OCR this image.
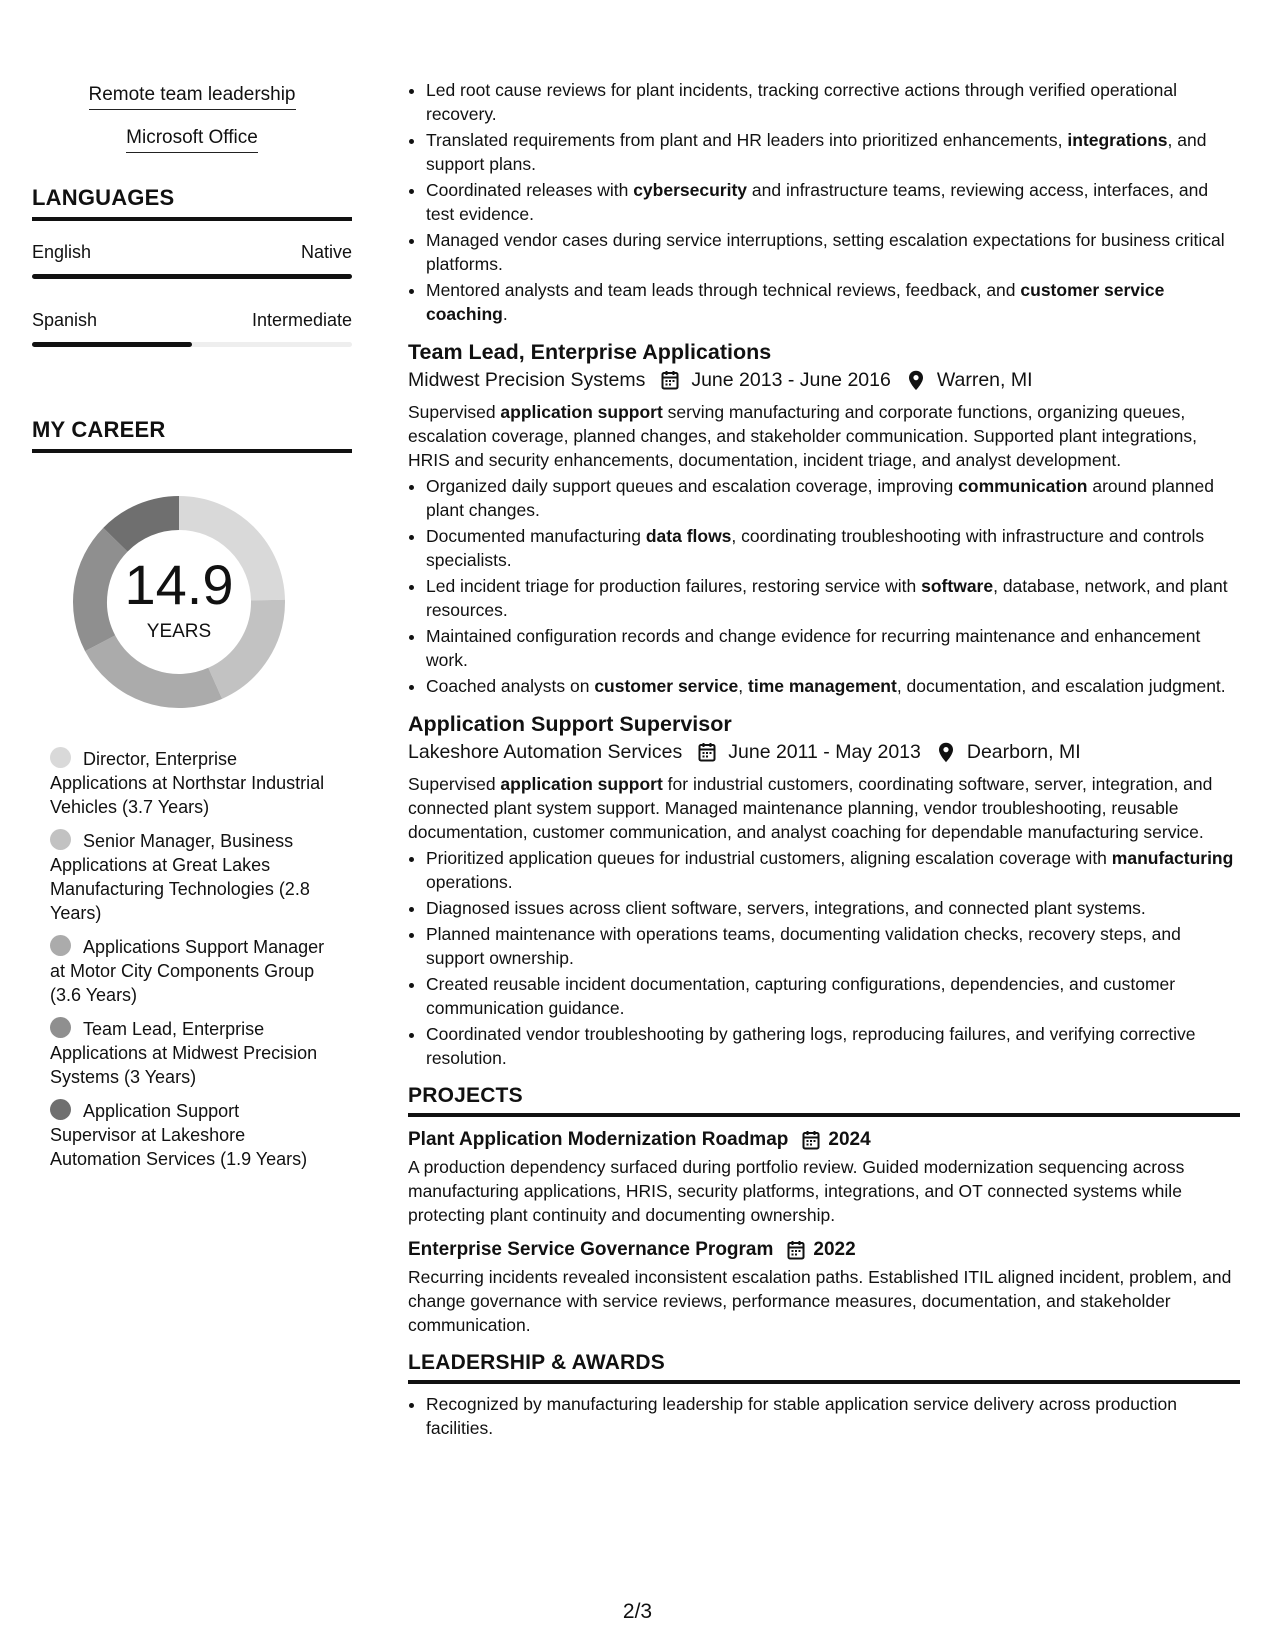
Remote team leadership
Microsoft Office
LANGUAGES
English	Native
Spanish	Intermediate
MY CAREER
14.9
YEARS
Director, Enterprise Applications at Northstar Industrial Vehicles (3.7 Years)
Senior Manager, Business Applications at Great Lakes Manufacturing Technologies (2.8 Years)
Applications Support Manager at Motor City Components Group (3.6 Years)
Team Lead, Enterprise Applications at Midwest Precision Systems (3 Years)
Application Support Supervisor at Lakeshore Automation Services (1.9 Years)
• Led root cause reviews for plant incidents, tracking corrective actions through verified operational recovery.
• Translated requirements from plant and HR leaders into prioritized enhancements, integrations, and support plans.
• Coordinated releases with cybersecurity and infrastructure teams, reviewing access, interfaces, and test evidence.
• Managed vendor cases during service interruptions, setting escalation expectations for business critical platforms.
• Mentored analysts and team leads through technical reviews, feedback, and customer service coaching.
Team Lead, Enterprise Applications
Midwest Precision Systems June 2013 - June 2016 Warren, MI

Supervised application support serving manufacturing and corporate functions, organizing queues, escalation coverage, planned changes, and stakeholder communication. Supported plant integrations, HRIS and security enhancements, documentation, incident triage, and analyst development.

• Organized daily support queues and escalation coverage, improving communication around planned plant changes.
• Documented manufacturing data flows, coordinating troubleshooting with infrastructure and controls specialists.
• Led incident triage for production failures, restoring service with software, database, network, and plant resources.
• Maintained configuration records and change evidence for recurring maintenance and enhancement work.
• Coached analysts on customer service, time management, documentation, and escalation judgment.
Application Support Supervisor
Lakeshore Automation Services June 2011 - May 2013 Dearborn, MI

Supervised application support for industrial customers, coordinating software, server, integration, and connected plant system support. Managed maintenance planning, vendor troubleshooting, reusable documentation, customer communication, and analyst coaching for dependable manufacturing service.

• Prioritized application queues for industrial customers, aligning escalation coverage with manufacturing operations.
• Diagnosed issues across client software, servers, integrations, and connected plant systems.
• Planned maintenance with operations teams, documenting validation checks, recovery steps, and support ownership.
• Created reusable incident documentation, capturing configurations, dependencies, and customer communication guidance.
• Coordinated vendor troubleshooting by gathering logs, reproducing failures, and verifying corrective resolution.
PROJECTS
Plant Application Modernization Roadmap 2024

A production dependency surfaced during portfolio review. Guided modernization sequencing across manufacturing applications, HRIS, security platforms, integrations, and OT connected systems while protecting plant continuity and documenting ownership.

Enterprise Service Governance Program 2022

Recurring incidents revealed inconsistent escalation paths. Established ITIL aligned incident, problem, and change governance with service reviews, performance measures, documentation, and stakeholder communication.

LEADERSHIP & AWARDS
• Recognized by manufacturing leadership for stable application service delivery across production facilities.
2/3
